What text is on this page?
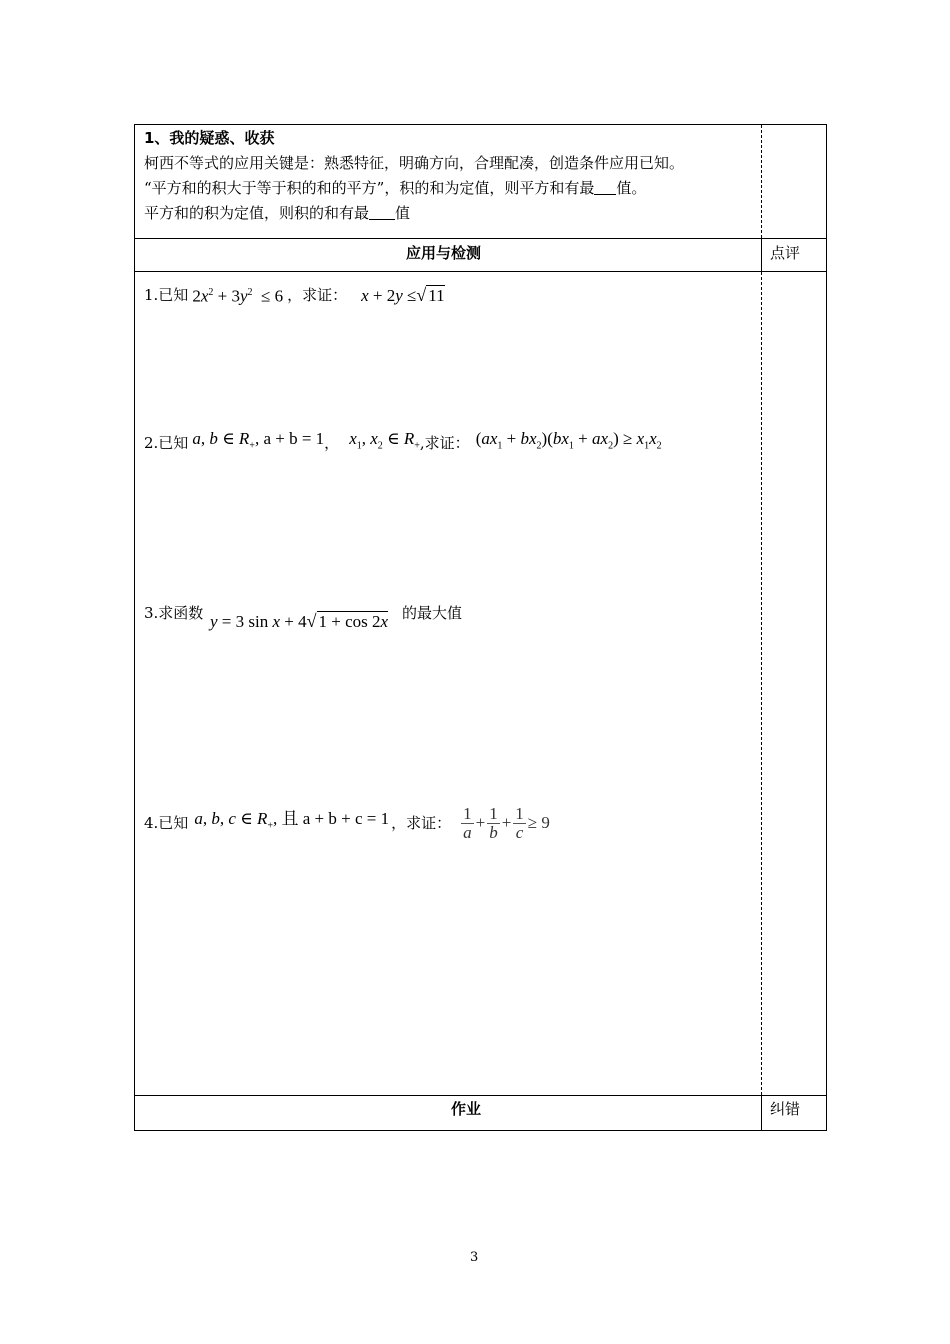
1、我的疑惑、收获
柯西不等式的应用关键是：熟悉特征，明确方向，合理配凑，创造条件应用已知。
“平方和的积大于等于积的和的平方”，积的和为定值，则平方和有最 值。
平方和的积为定值，则积的和有最 值
应用与检测	点评
1.已知 $2x^2 + 3y^2 \le 6$ ，求证： x + 2y ≤√ 11
2.已知 a, b ∈ $R_+$, a + b = 1 ， $x_1$, $x_2$ ∈ $R_+$ ,求证： $(ax_1 + bx_2)(bx_1 + ax_2) \ge x_1x_2$
3.求函数 y = 3 sin x + 4√ 1 + cos 2x 的最大值
4.已知 a, b, c ∈ $R_+$, 且 a + b + c = 1 ，求证： $\frac{1}{a} + \frac{1}{b} + \frac{1}{c} \ge 9$
作业	纠错
3
